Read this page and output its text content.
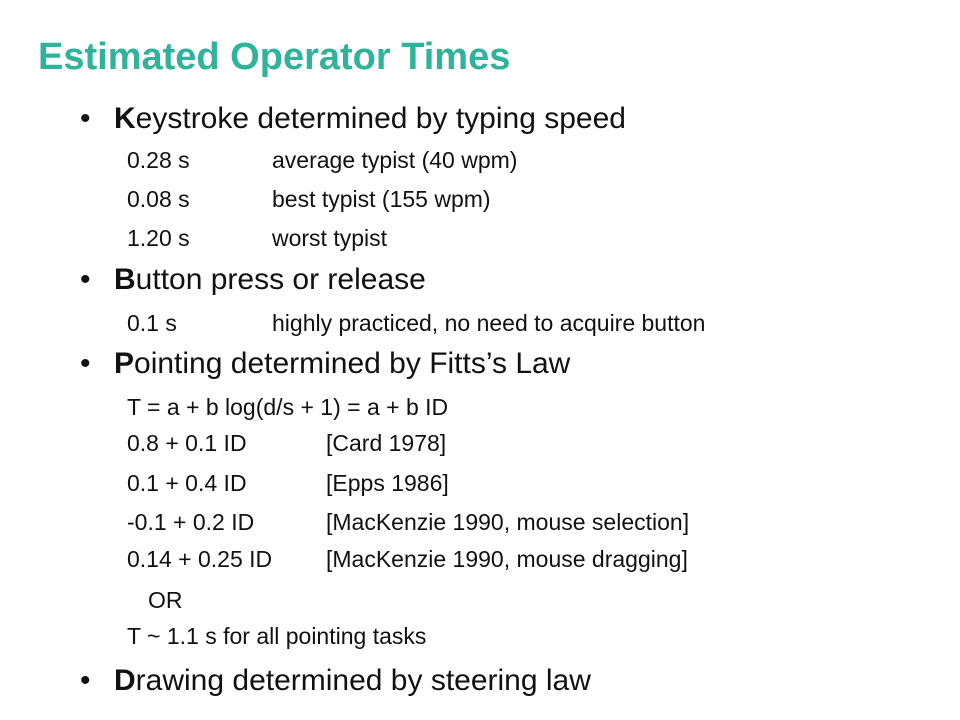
Estimated Operator Times
• Keystroke determined by typing speed
0.28 s	average typist (40 wpm)
0.08 s	best typist (155 wpm)
1.20 s	worst typist
• Button press or release
0.1 s	highly practiced, no need to acquire button
• Pointing determined by Fitts’s Law
T = a + b log(d/s + 1) = a + b ID
0.8 + 0.1 ID	[Card 1978]
0.1 + 0.4 ID	[Epps 1986]
-0.1 + 0.2 ID	[MacKenzie 1990, mouse selection]
0.14 + 0.25 ID [MacKenzie 1990, mouse dragging]
OR
T ~ 1.1 s for all pointing tasks
• Drawing determined by steering law
